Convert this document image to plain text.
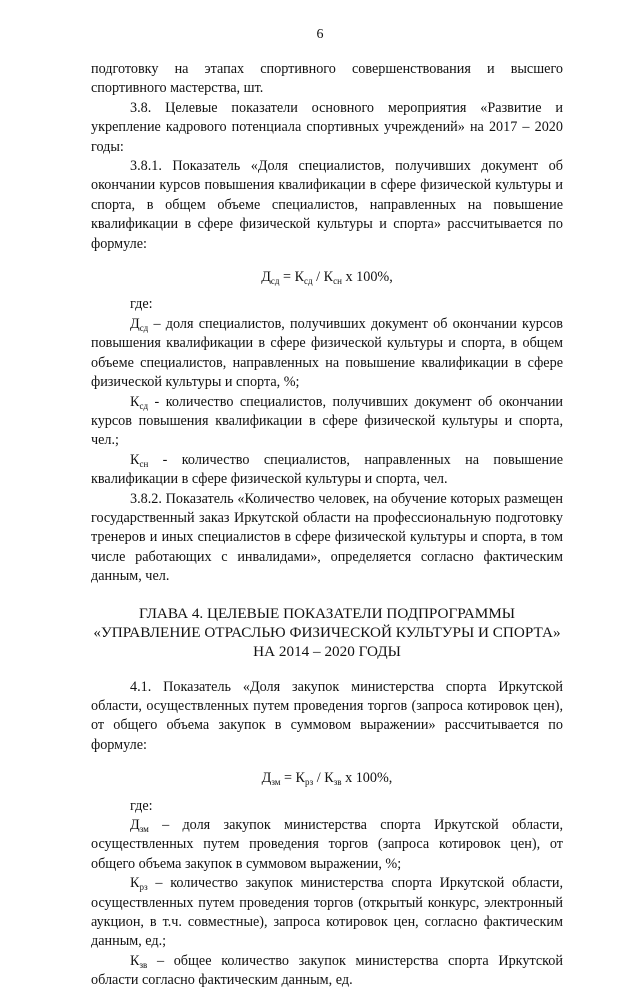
6

подготовку на этапах спортивного совершенствования и высшего спортивного мастерства, шт.

3.8. Целевые показатели основного мероприятия «Развитие и укрепление кадрового потенциала спортивных учреждений» на 2017 – 2020 годы:

3.8.1. Показатель «Доля специалистов, получивших документ об окончании курсов повышения квалификации в сфере физической культуры и спорта, в общем объеме специалистов, направленных на повышение квалификации в сфере физической культуры и спорта» рассчитывается по формуле:

$Д_{сд} = К_{сд} / К_{сн}$ x 100%,

где:

$Д_{сд}$ – доля специалистов, получивших документ об окончании курсов повышения квалификации в сфере физической культуры и спорта, в общем объеме специалистов, направленных на повышение квалификации в сфере физической культуры и спорта, %;

$К_{сд}$ - количество специалистов, получивших документ об окончании курсов повышения квалификации в сфере физической культуры и спорта, чел.;

$К_{сн}$ - количество специалистов, направленных на повышение квалификации в сфере физической культуры и спорта, чел.

3.8.2. Показатель «Количество человек, на обучение которых размещен государственный заказ Иркутской области на профессиональную подготовку тренеров и иных специалистов в сфере физической культуры и спорта, в том числе работающих с инвалидами», определяется согласно фактическим данным, чел.

ГЛАВА 4. ЦЕЛЕВЫЕ ПОКАЗАТЕЛИ ПОДПРОГРАММЫ

«УПРАВЛЕНИЕ ОТРАСЛЬЮ ФИЗИЧЕСКОЙ КУЛЬТУРЫ И СПОРТА»

НА 2014 – 2020 ГОДЫ

4.1. Показатель «Доля закупок министерства спорта Иркутской области, осуществленных путем проведения торгов (запроса котировок цен), от общего объема закупок в суммовом выражении» рассчитывается по формуле:

$Д_{зм} = К_{рз} / К_{зв}$ x 100%,

где:

$Д_{зм}$ – доля закупок министерства спорта Иркутской области, осуществленных путем проведения торгов (запроса котировок цен), от общего объема закупок в суммовом выражении, %;

$К_{рз}$ – количество закупок министерства спорта Иркутской области, осуществленных путем проведения торгов (открытый конкурс, электронный аукцион, в т.ч. совместные), запроса котировок цен, согласно фактическим данным, ед.;

$К_{зв}$ – общее количество закупок министерства спорта Иркутской области согласно фактическим данным, ед.
